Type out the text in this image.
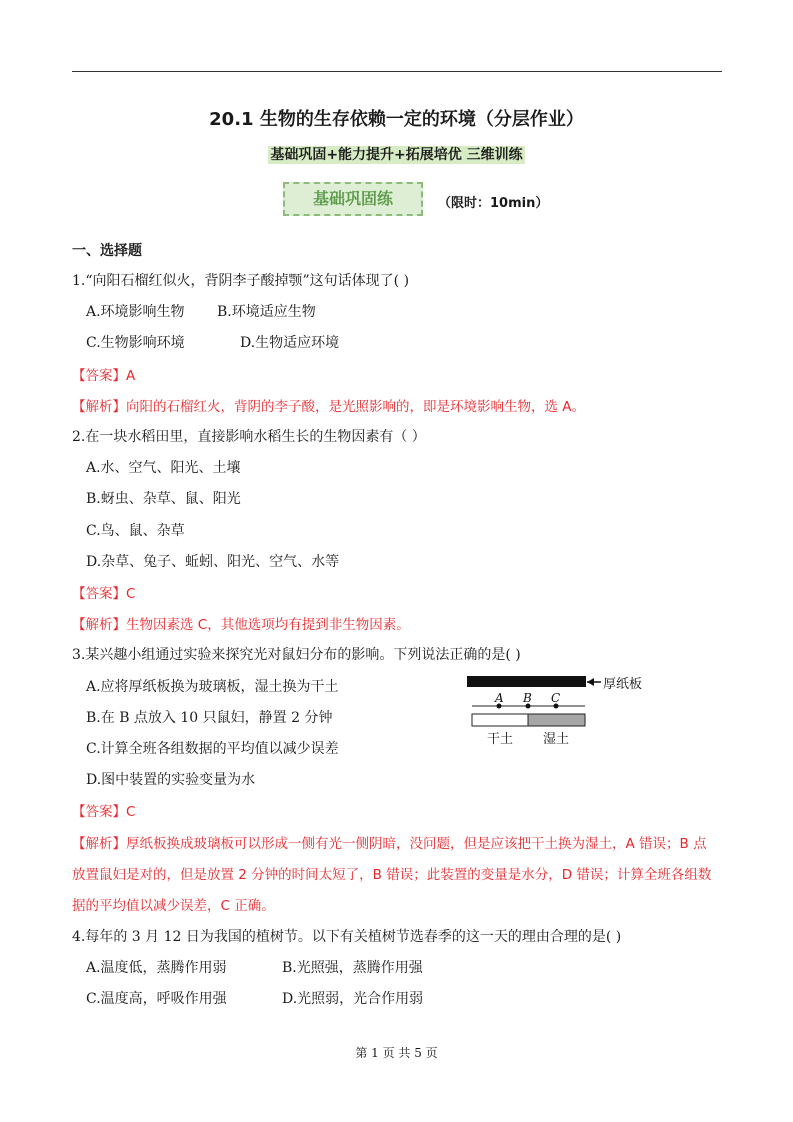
20.1 生物的生存依赖一定的环境（分层作业）
基础巩固+能力提升+拓展培优 三维训练
基础巩固练	（限时：10min）
一、选择题
1.“向阳石榴红似火，背阴李子酸掉颚”这句话体现了( )
A.环境影响生物 B.环境适应生物
C.生物影响环境	D.生物适应环境
【答案】A
【解析】向阳的石榴红火，背阴的李子酸，是光照影响的，即是环境影响生物，选 A。
2.在一块水稻田里，直接影响水稻生长的生物因素有（ ）
A.水、空气、阳光、土壤
B.蚜虫、杂草、鼠、阳光
C.鸟、鼠、杂草
D.杂草、兔子、蚯蚓、阳光、空气、水等
【答案】C
【解析】生物因素选 C，其他选项均有提到非生物因素。
3.某兴趣小组通过实验来探究光对鼠妇分布的影响。下列说法正确的是( )
A.应将厚纸板换为玻璃板，湿土换为干土
B.在 B 点放入 10 只鼠妇，静置 2 分钟
C.计算全班各组数据的平均值以减少误差
D.图中装置的实验变量为水
厚纸板
A B C
干土 湿土
【答案】C
【解析】厚纸板换成玻璃板可以形成一侧有光一侧阴暗，没问题，但是应该把干土换为湿土，A 错误；B 点
放置鼠妇是对的，但是放置 2 分钟的时间太短了，B 错误；此装置的变量是水分，D 错误；计算全班各组数
据的平均值以减少误差，C 正确。
4.每年的 3 月 12 日为我国的植树节。以下有关植树节选春季的这一天的理由合理的是( )
A.温度低，蒸腾作用弱	B.光照强，蒸腾作用强
C.温度高，呼吸作用强	D.光照弱，光合作用弱
第 1 页 共 5 页
